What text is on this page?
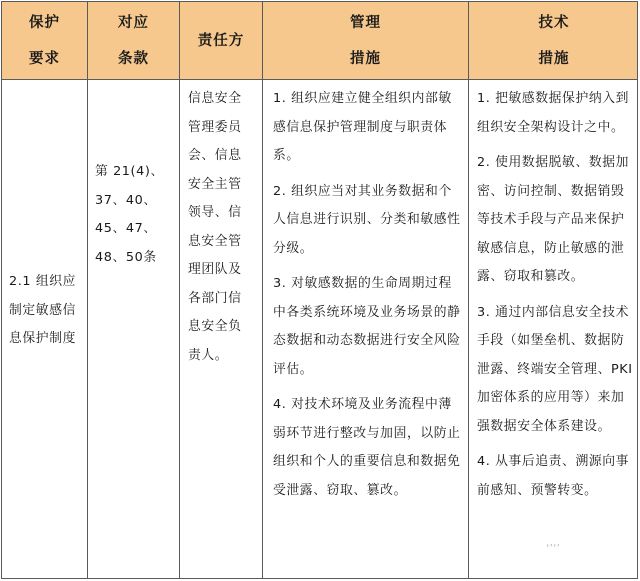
保护
要求
对应
条款
责任方
管理
措施
技术
措施

2.1 组织应制定敏感信息保护制度

第 21(4)、37、40、45、47、48、50条

信息安全管理委员会、信息安全主管领导、信息安全管理团队及各部门信息安全负责人。

1. 组织应建立健全组织内部敏感信息保护管理制度与职责体系。

2. 组织应当对其业务数据和个人信息进行识别、分类和敏感性分级。

3. 对敏感数据的生命周期过程中各类系统环境及业务场景的静态数据和动态数据进行安全风险评估。

4. 对技术环境及业务流程中薄弱环节进行整改与加固，以防止组织和个人的重要信息和数据免受泄露、窃取、篡改。

1. 把敏感数据保护纳入到组织安全架构设计之中。

2. 使用数据脱敏、数据加密、访问控制、数据销毁等技术手段与产品来保护敏感信息，防止敏感的泄露、窃取和篡改。

3. 通过内部信息安全技术手段（如堡垒机、数据防泄露、终端安全管理、PKI 加密体系的应用等）来加强数据安全体系建设。

4. 从事后追责、溯源向事前感知、预警转变。

‘’‘’
